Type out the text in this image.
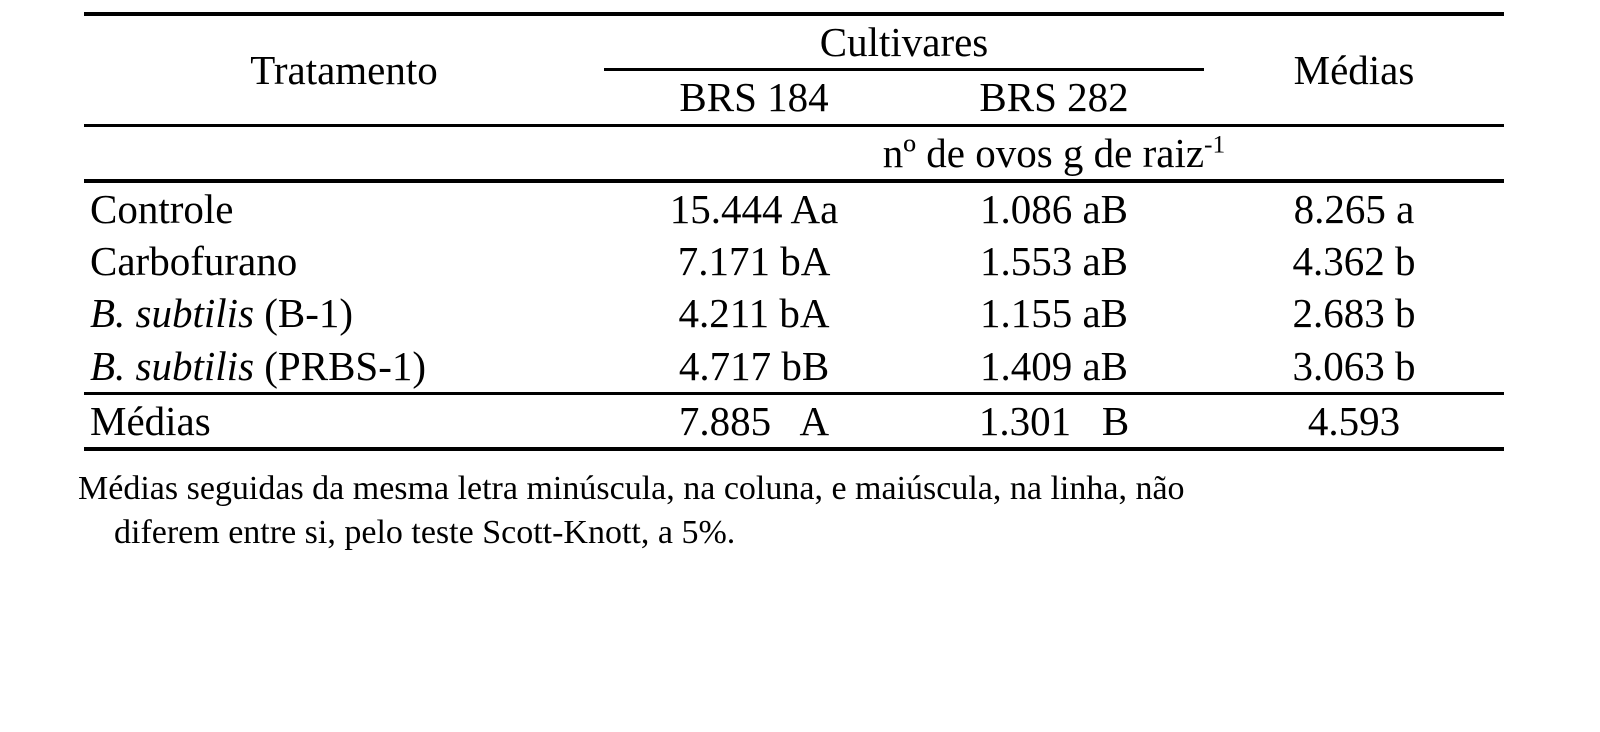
Tratamento	Cultivares		Médias
	BRS 184	BRS 282	
	nº de ovos g de raiz$^{-1}$
Controle	15.444 Aa	1.086 aB	8.265 a
Carbofurano	7.171 bA	1.553 aB	4.362 b
B. subtilis (B-1)	4.211 bA	1.155 aB	2.683 b
B. subtilis (PRBS-1)	4.717 bB	1.409 aB	3.063 b
Médias	7.885   A	1.301   B	4.593
Médias seguidas da mesma letra minúscula, na coluna, e maiúscula, na linha, não
diferem entre si, pelo teste Scott-Knott, a 5%.
